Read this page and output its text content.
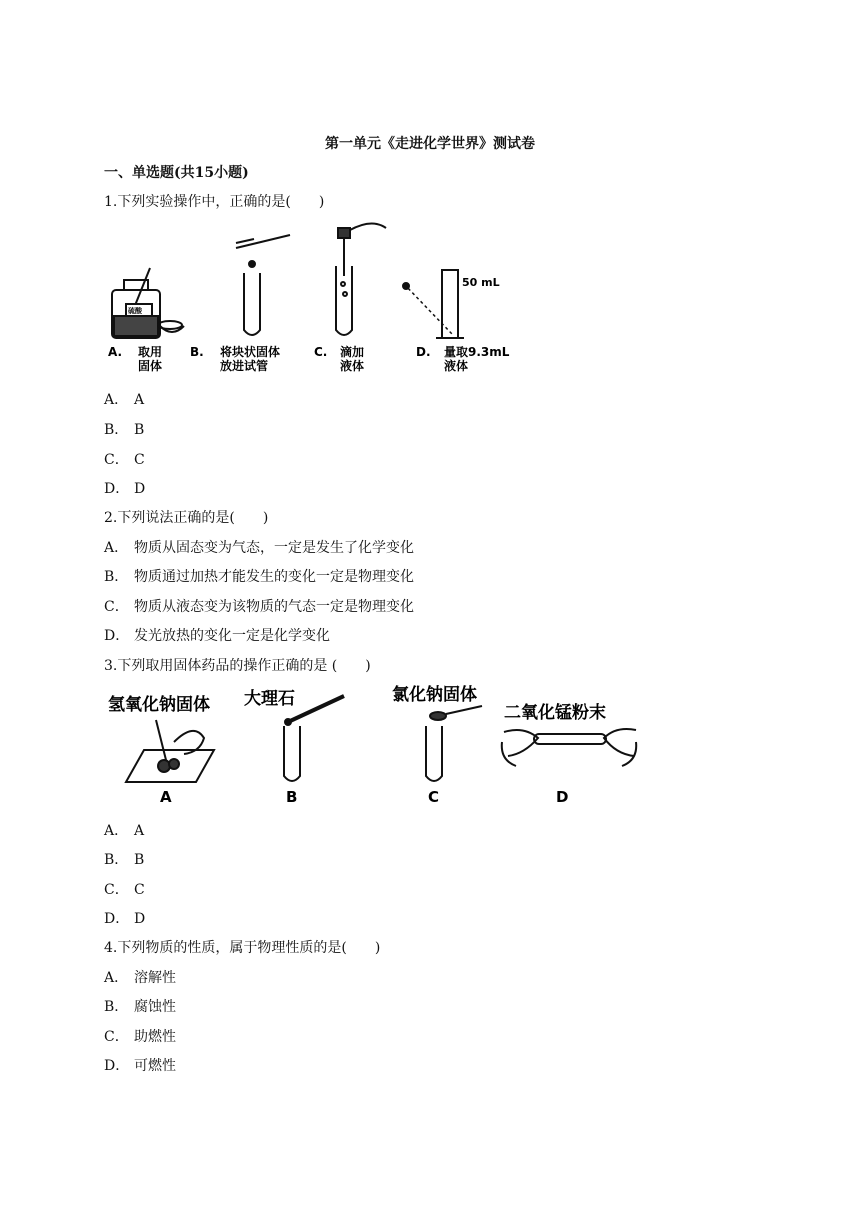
第一单元《走进化学世界》测试卷
一、单选题(共15小题)
1.下列实验操作中，正确的是(　　)
硫酸
50 mL
A. 取用
固体
B. 将块状固体
放进试管
C. 滴加
液体
D. 量取9.3mL
液体
A． A
B． B
C． C
D． D
2.下列说法正确的是(　　)
A． 物质从固态变为气态，一定是发生了化学变化
B． 物质通过加热才能发生的变化一定是物理变化
C． 物质从液态变为该物质的气态一定是物理变化
D． 发光放热的变化一定是化学变化
3.下列取用固体药品的操作正确的是 (　　)
氢氧化钠固体 大理石	氯化钠固体
二氧化锰粉末
A	B	C	D
A． A
B． B
C． C
D． D
4.下列物质的性质，属于物理性质的是(　　)
A． 溶解性
B． 腐蚀性
C． 助燃性
D． 可燃性
